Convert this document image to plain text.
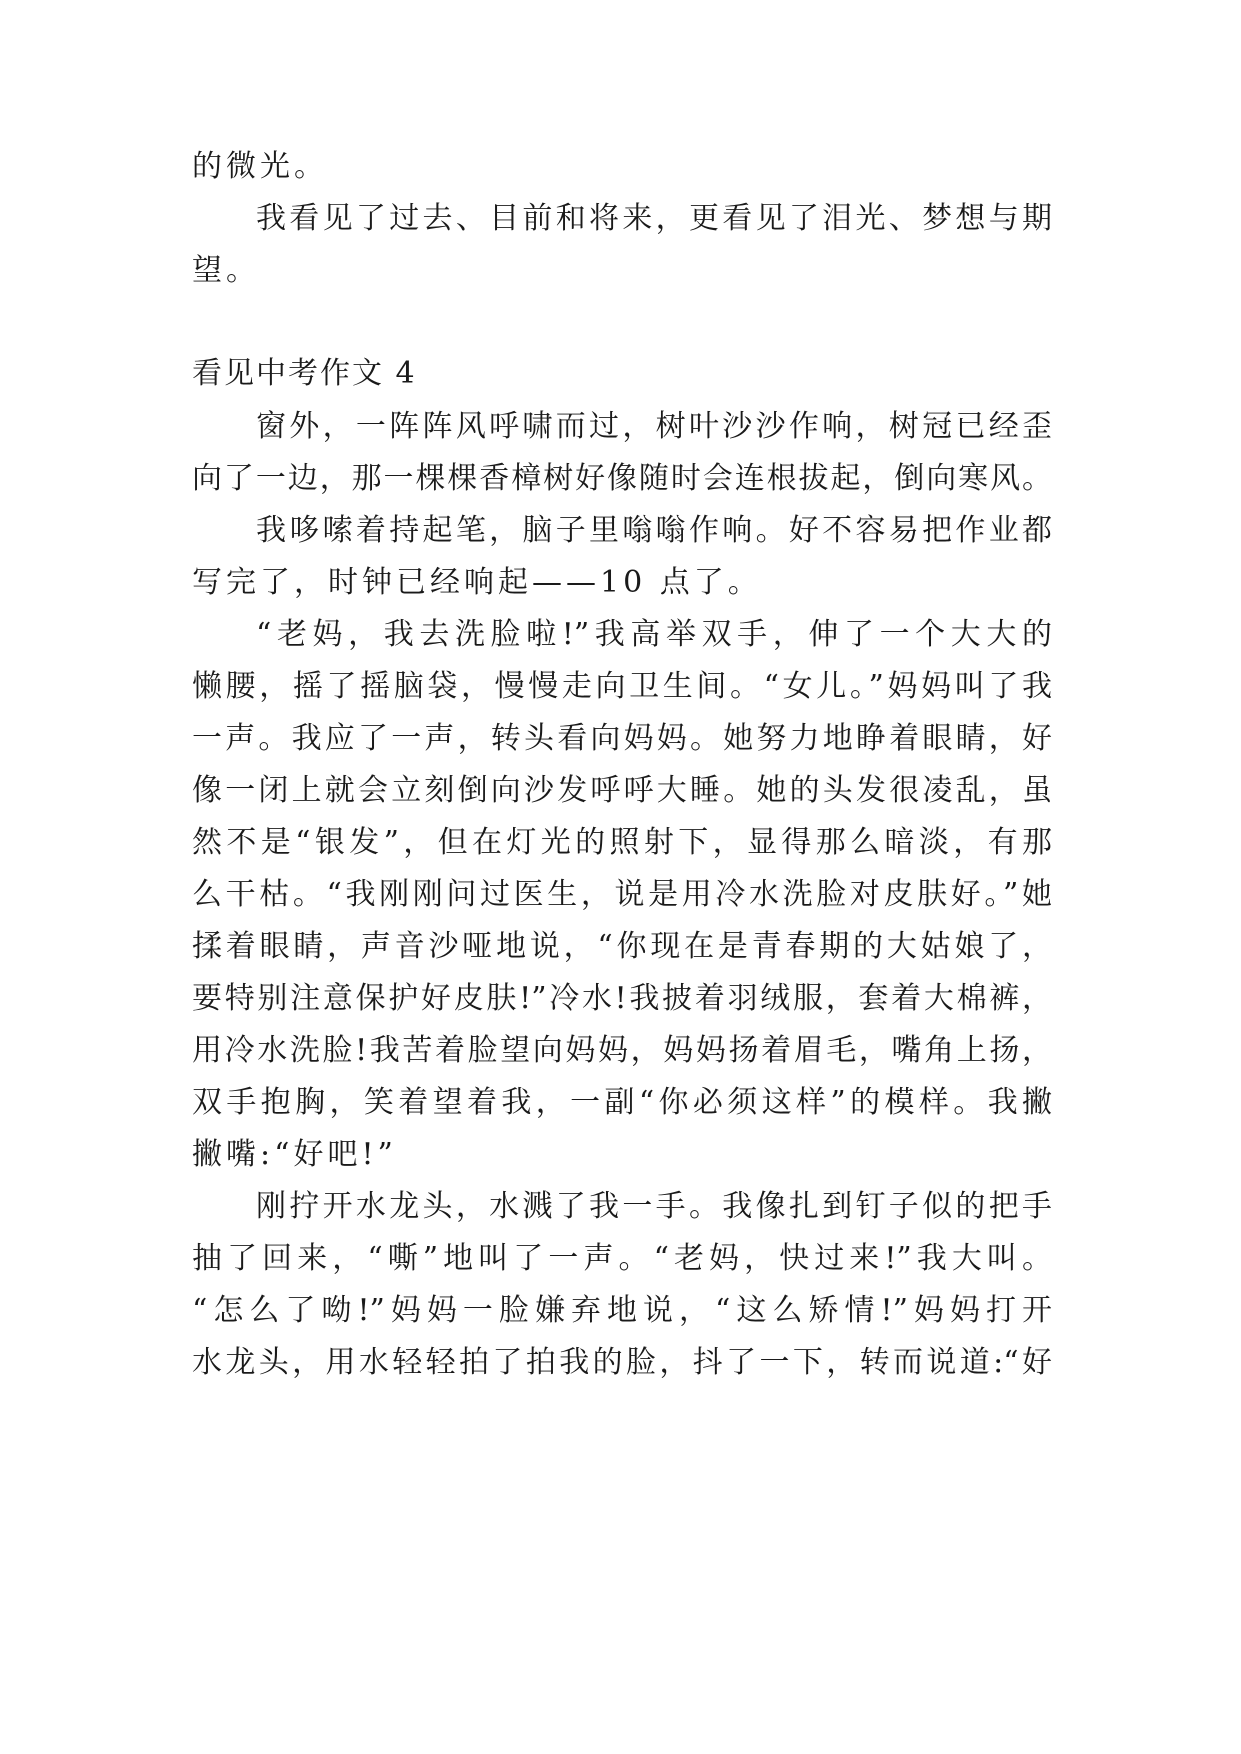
的微光。
我看见了过去、目前和将来，更看见了泪光、梦想与期
望。
看见中考作文 4
窗外，一阵阵风呼啸而过，树叶沙沙作响，树冠已经歪
向了一边，那一棵棵香樟树好像随时会连根拔起，倒向寒风。
我哆嗦着持起笔，脑子里嗡嗡作响。好不容易把作业都
写完了，时钟已经响起——10 点了。
“老妈，我去洗脸啦!”我高举双手，伸了一个大大的
懒腰，摇了摇脑袋，慢慢走向卫生间。“女儿。”妈妈叫了我
一声。我应了一声，转头看向妈妈。她努力地睁着眼睛，好
像一闭上就会立刻倒向沙发呼呼大睡。她的头发很凌乱，虽
然不是“银发”，但在灯光的照射下，显得那么暗淡，有那
么干枯。“我刚刚问过医生，说是用冷水洗脸对皮肤好。”她
揉着眼睛，声音沙哑地说，“你现在是青春期的大姑娘了，
要特别注意保护好皮肤!”冷水!我披着羽绒服，套着大棉裤，
用冷水洗脸!我苦着脸望向妈妈，妈妈扬着眉毛，嘴角上扬，
双手抱胸，笑着望着我，一副“你必须这样”的模样。我撇
撇嘴:“好吧!”
刚拧开水龙头，水溅了我一手。我像扎到钉子似的把手
抽了回来，“嘶”地叫了一声。“老妈，快过来!”我大叫。
“怎么了呦!”妈妈一脸嫌弃地说，“这么矫情!”妈妈打开
水龙头，用水轻轻拍了拍我的脸，抖了一下，转而说道:“好
